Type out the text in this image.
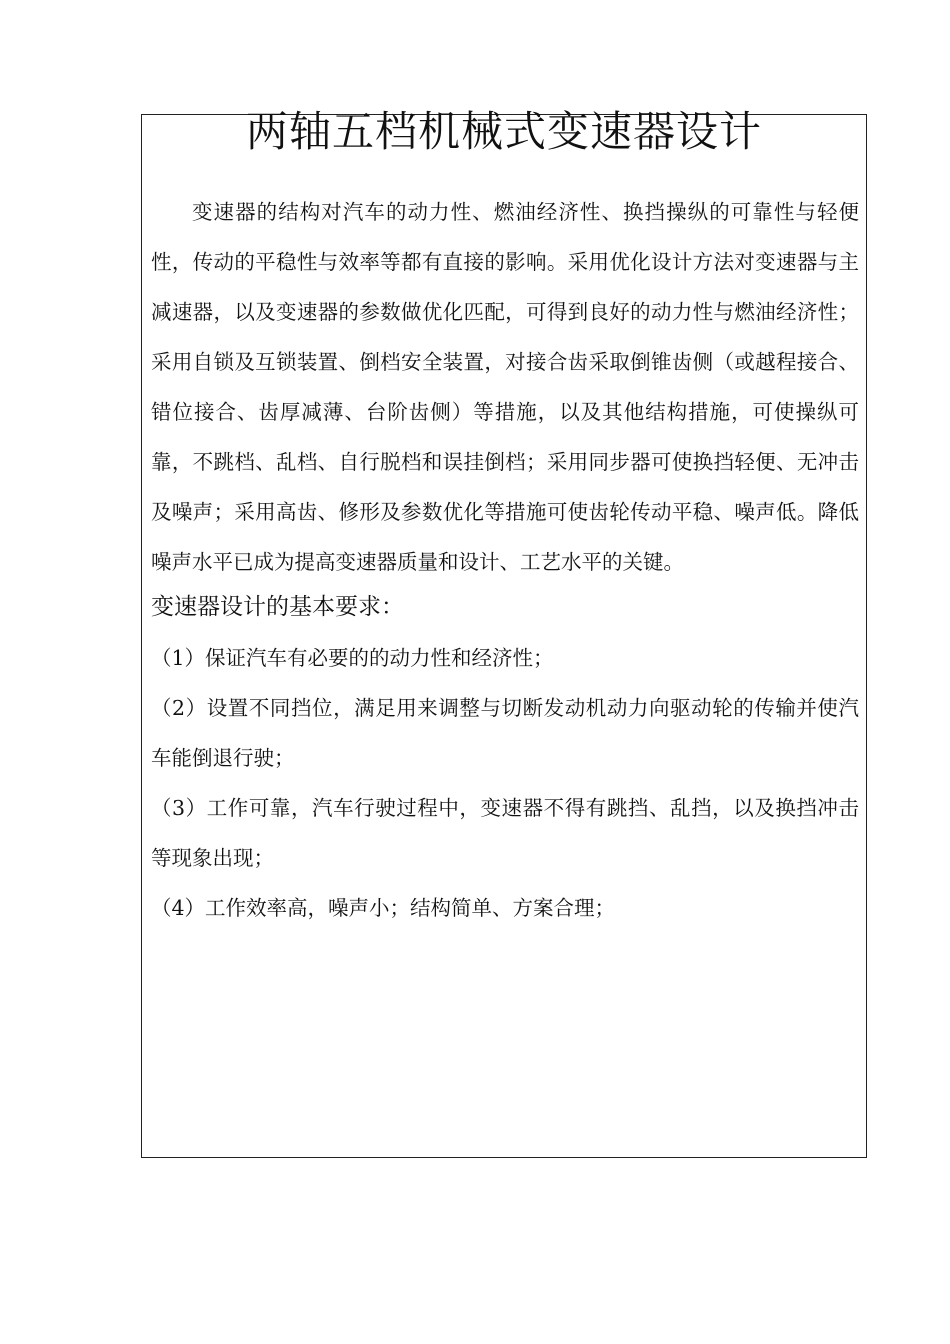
两轴五档机械式变速器设计

变速器的结构对汽车的动力性、燃油经济性、换挡操纵的可靠性与轻便性，传动的平稳性与效率等都有直接的影响。采用优化设计方法对变速器与主减速器，以及变速器的参数做优化匹配，可得到良好的动力性与燃油经济性；采用自锁及互锁装置、倒档安全装置，对接合齿采取倒锥齿侧（或越程接合、错位接合、齿厚减薄、台阶齿侧）等措施，以及其他结构措施，可使操纵可靠，不跳档、乱档、自行脱档和误挂倒档；采用同步器可使换挡轻便、无冲击及噪声；采用高齿、修形及参数优化等措施可使齿轮传动平稳、噪声低。降低噪声水平已成为提高变速器质量和设计、工艺水平的关键。

变速器设计的基本要求：

（1）保证汽车有必要的的动力性和经济性；

（2）设置不同挡位，满足用来调整与切断发动机动力向驱动轮的传输并使汽车能倒退行驶；

（3）工作可靠，汽车行驶过程中，变速器不得有跳挡、乱挡，以及换挡冲击等现象出现；

（4）工作效率高，噪声小；结构简单、方案合理；
